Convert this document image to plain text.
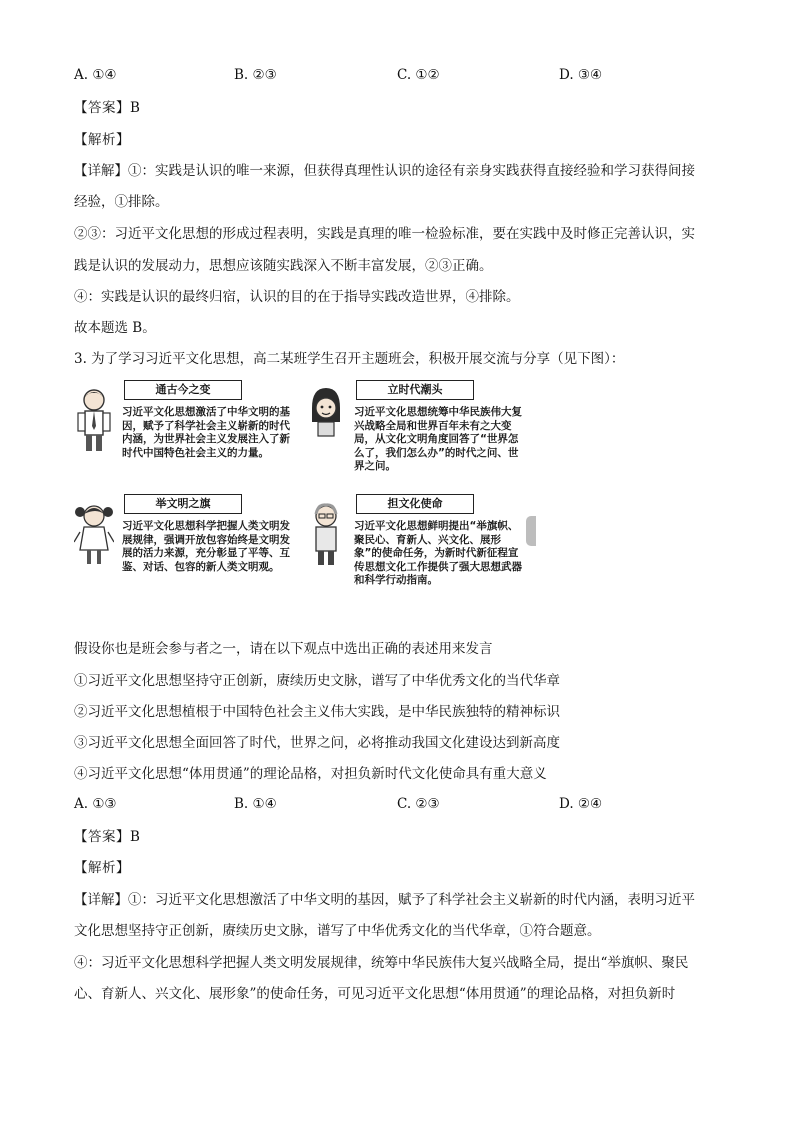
A. ①④	B. ②③	C. ①②	D. ③④
【答案】B
【解析】
【详解】①：实践是认识的唯一来源，但获得真理性认识的途径有亲身实践获得直接经验和学习获得间接
经验，①排除。
②③：习近平文化思想的形成过程表明，实践是真理的唯一检验标准，要在实践中及时修正完善认识，实
践是认识的发展动力，思想应该随实践深入不断丰富发展，②③正确。
④：实践是认识的最终归宿，认识的目的在于指导实践改造世界，④排除。
故本题选 B。
3. 为了学习习近平文化思想，高二某班学生召开主题班会，积极开展交流与分享（见下图）：
通古今之变
习近平文化思想激活了中华文明的基因，赋予了科学社会主义崭新的时代内涵，为世界社会主义发展注入了新时代中国特色社会主义的力量。
立时代潮头
习近平文化思想统筹中华民族伟大复兴战略全局和世界百年未有之大变局，从文化文明角度回答了“世界怎么了，我们怎么办”的时代之问、世界之问。
举文明之旗
习近平文化思想科学把握人类文明发展规律，强调开放包容始终是文明发展的活力来源，充分彰显了平等、互鉴、对话、包容的新人类文明观。
担文化使命
习近平文化思想鲜明提出“举旗帜、聚民心、育新人、兴文化、展形象”的使命任务，为新时代新征程宣传思想文化工作提供了强大思想武器和科学行动指南。
假设你也是班会参与者之一，请在以下观点中选出正确的表述用来发言
①习近平文化思想坚持守正创新，赓续历史文脉，谱写了中华优秀文化的当代华章
②习近平文化思想植根于中国特色社会主义伟大实践，是中华民族独特的精神标识
③习近平文化思想全面回答了时代，世界之问，必将推动我国文化建设达到新高度
④习近平文化思想“体用贯通”的理论品格，对担负新时代文化使命具有重大意义
A. ①③	B. ①④	C. ②③	D. ②④
【答案】B
【解析】
【详解】①：习近平文化思想激活了中华文明的基因，赋予了科学社会主义崭新的时代内涵，表明习近平
文化思想坚持守正创新，赓续历史文脉，谱写了中华优秀文化的当代华章，①符合题意。
④：习近平文化思想科学把握人类文明发展规律，统筹中华民族伟大复兴战略全局，提出“举旗帜、聚民
心、育新人、兴文化、展形象”的使命任务，可见习近平文化思想“体用贯通”的理论品格，对担负新时
